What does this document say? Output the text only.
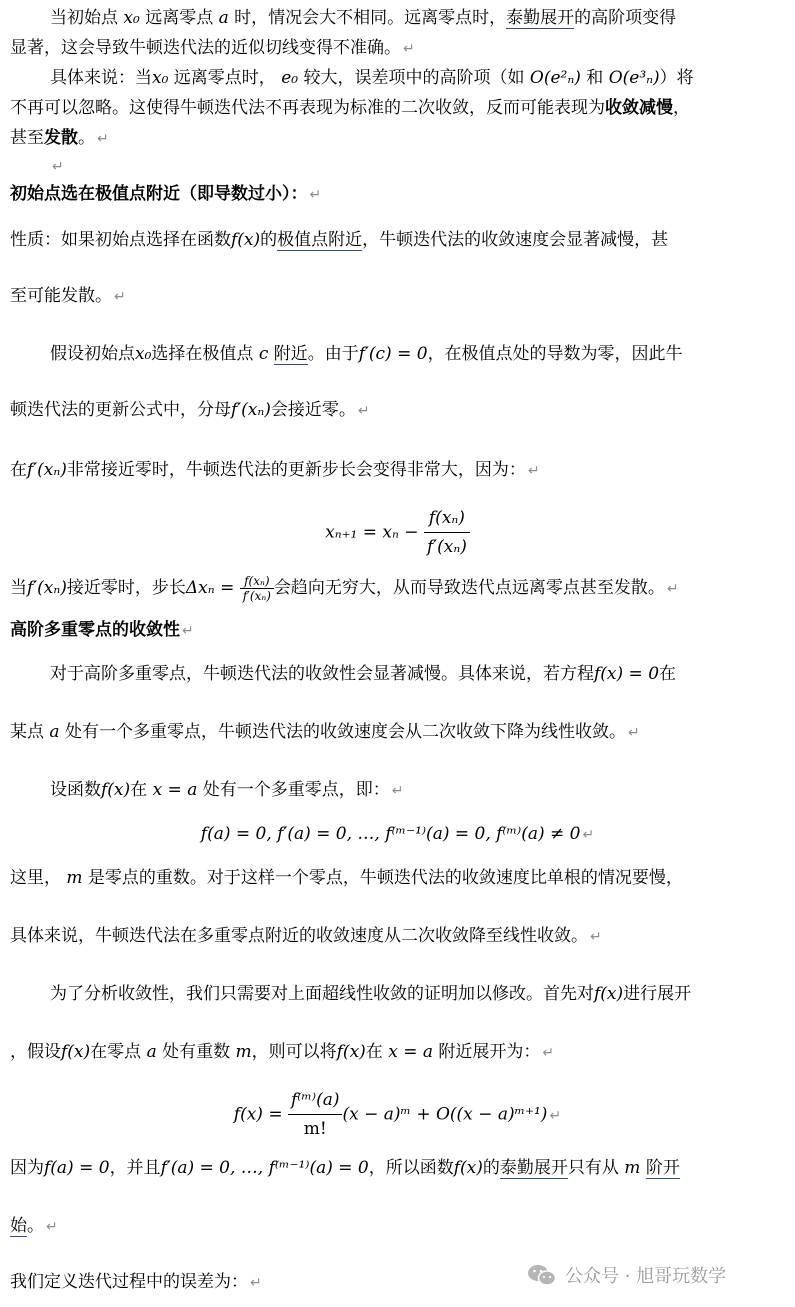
当初始点 x₀ 远离零点 a 时，情况会大不相同。远离零点时，泰勤展开的高阶项变得
显著，这会导致牛顿迭代法的近似切线变得不准确。 ↵
具体来说：当x₀ 远离零点时， e₀ 较大，误差项中的高阶项（如 O(e²ₙ) 和 O(e³ₙ)）将
不再可以忽略。这使得牛顿迭代法不再表现为标准的二次收敛，反而可能表现为收敛减慢，
甚至发散。 ↵
↵
初始点选在极值点附近（即导数过小）： ↵
性质：如果初始点选择在函数f(x)的极值点附近，牛顿迭代法的收敛速度会显著减慢，甚
至可能发散。 ↵
假设初始点x₀选择在极值点 c 附近。由于f′(c) = 0，在极值点处的导数为零，因此牛
顿迭代法的更新公式中，分母f′(xₙ)会接近零。 ↵
在f′(xₙ)非常接近零时，牛顿迭代法的更新步长会变得非常大，因为： ↵
$x_{n+1} = x_n - \frac{\text{f(xₙ)}}{\text{f′(xₙ)}}$
当f′(xₙ)接近零时，步长$\Delta x_n = \frac{\text{f(xₙ)}}{\text{f′(xₙ)}}$ 会趋向无穷大，从而导致迭代点远离零点甚至发散。 ↵
高阶多重零点的收敛性 ↵
对于高阶多重零点，牛顿迭代法的收敛性会显著减慢。具体来说，若方程f(x) = 0在
某点 a 处有一个多重零点，牛顿迭代法的收敛速度会从二次收敛下降为线性收敛。 ↵
设函数f(x)在 x = a 处有一个多重零点，即： ↵
f(a) = 0, f′(a) = 0, …, f⁽ᵐ⁻¹⁾(a) = 0, f⁽ᵐ⁾(a) ≠ 0 ↵
这里， m 是零点的重数。对于这样一个零点，牛顿迭代法的收敛速度比单根的情况要慢，
具体来说，牛顿迭代法在多重零点附近的收敛速度从二次收敛降至线性收敛。 ↵
为了分析收敛性，我们只需要对上面超线性收敛的证明加以修改。首先对f(x)进行展开
，假设f(x)在零点 a 处有重数 m，则可以将f(x)在 x = a 附近展开为： ↵
$f(x) = \frac{\text{f⁽ᵐ⁾(a)}}{m!} (x$ − a)ᵐ + O((x − a)ᵐ⁺¹) ↵
因为f(a) = 0，并且f′(a) = 0, …, f⁽ᵐ⁻¹⁾(a) = 0，所以函数f(x)的泰勤展开只有从 m 阶开
始。 ↵
我们定义迭代过程中的误差为： ↵	公众号 · 旭哥玩数学
